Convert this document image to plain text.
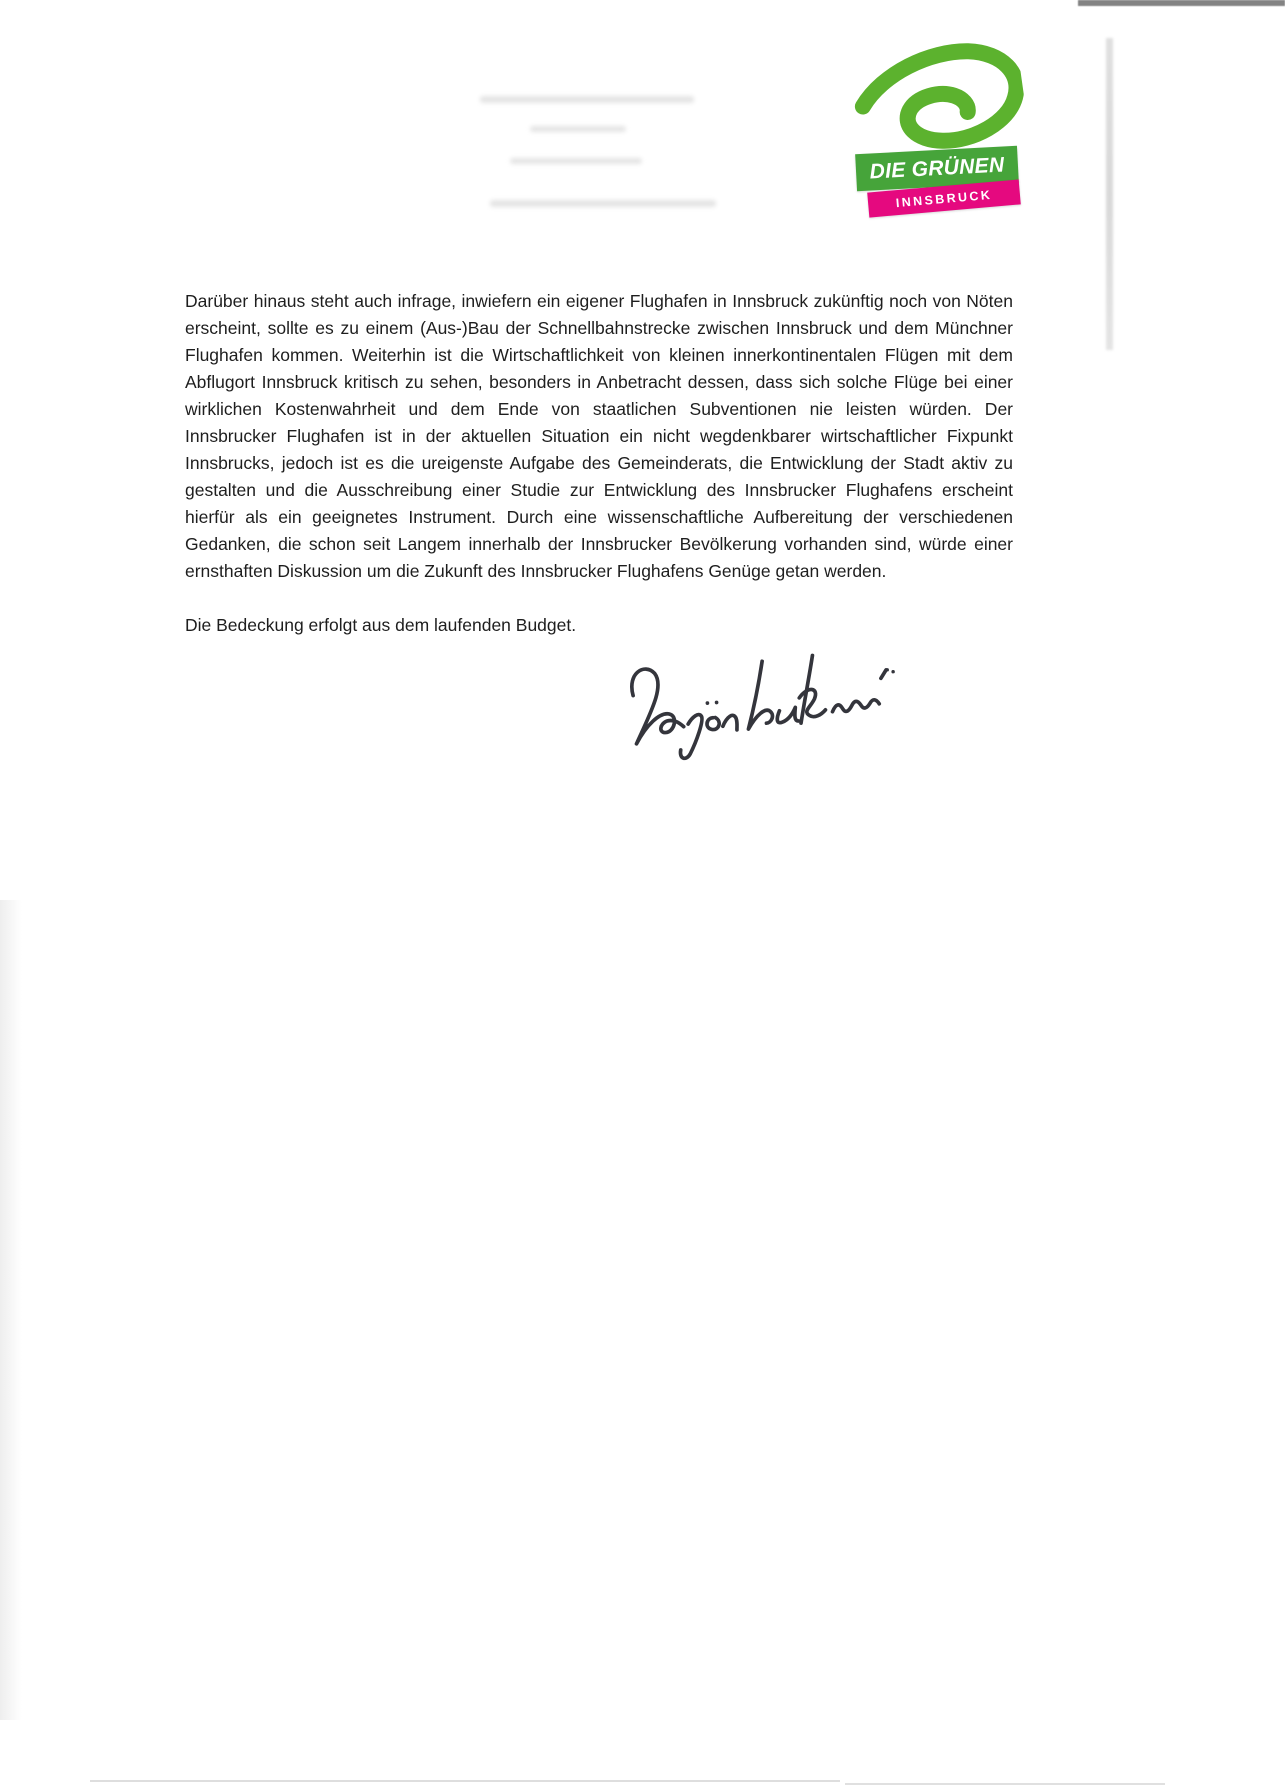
DIE GRÜNEN
INNSBRUCK

Darüber hinaus steht auch infrage, inwiefern ein eigener Flughafen in Innsbruck zukünftig noch von Nöten erscheint, sollte es zu einem (Aus-)Bau der Schnellbahnstrecke zwischen Innsbruck und dem Münchner Flughafen kommen. Weiterhin ist die Wirtschaftlichkeit von kleinen innerkontinentalen Flügen mit dem Abflugort Innsbruck kritisch zu sehen, besonders in Anbetracht dessen, dass sich solche Flüge bei einer wirklichen Kostenwahrheit und dem Ende von staatlichen Subventionen nie leisten würden. Der Innsbrucker Flughafen ist in der aktuellen Situation ein nicht wegdenkbarer wirtschaftlicher Fixpunkt Innsbrucks, jedoch ist es die ureigenste Aufgabe des Gemeinderats, die Entwicklung der Stadt aktiv zu gestalten und die Ausschreibung einer Studie zur Entwicklung des Innsbrucker Flughafens erscheint hierfür als ein geeignetes Instrument. Durch eine wissenschaftliche Aufbereitung der verschiedenen Gedanken, die schon seit Langem innerhalb der Innsbrucker Bevölkerung vorhanden sind, würde einer ernsthaften Diskussion um die Zukunft des Innsbrucker Flughafens Genüge getan werden.

Die Bedeckung erfolgt aus dem laufenden Budget.
